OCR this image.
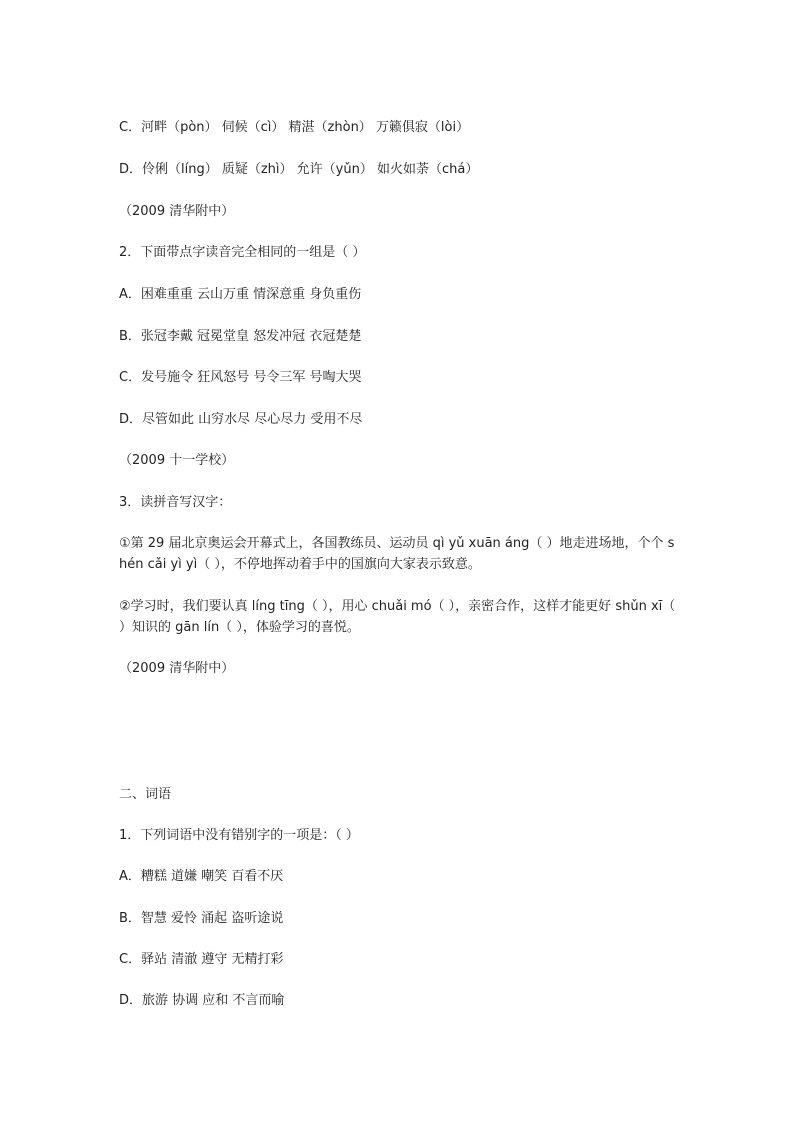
C．河畔（pòn） 伺候（cì） 精湛（zhòn） 万籁俱寂（lòi）
D．伶俐（líng） 质疑（zhì） 允许（yǔn） 如火如荼（chá）
（2009 清华附中）
2．下面带点字读音完全相同的一组是（ ）
A．困难重重 云山万重 情深意重 身负重伤
B．张冠李戴 冠冕堂皇 怒发冲冠 衣冠楚楚
C．发号施令 狂风怒号 号令三军 号啕大哭
D．尽管如此 山穷水尽 尽心尽力 受用不尽
（2009 十一学校）
3．读拼音写汉字：
①第 29 届北京奥运会开幕式上，各国教练员、运动员 qì yǔ xuān áng（ ）地走进场地，个个 shén cǎi yì yì（ ），不停地挥动着手中的国旗向大家表示致意。
②学习时，我们要认真 líng tīng（ ），用心 chuǎi mó（ ），亲密合作，这样才能更好 shǔn xī（ ）知识的 gān lín（ ），体验学习的喜悦。
（2009 清华附中）
二、词语
1．下列词语中没有错别字的一项是：（ ）
A．糟糕 道嫌 嘲笑 百看不厌
B．智慧 爱怜 涌起 盗听途说
C．驿站 清澈 遵守 无精打彩
D．旅游 协调 应和 不言而喻
